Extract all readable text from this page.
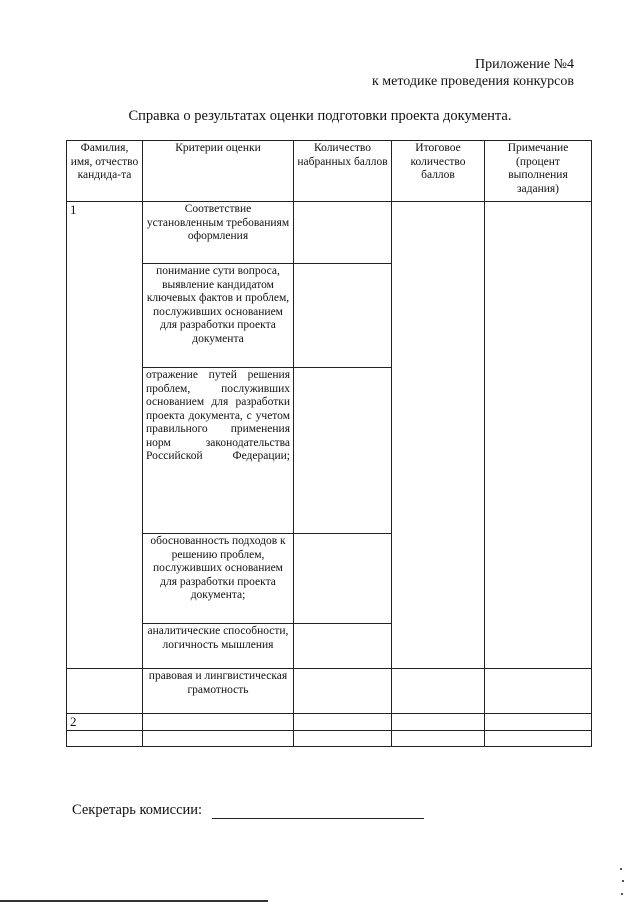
Приложение №4
к методике проведения конкурсов
Справка о результатах оценки подготовки проекта документа.
Фамилия, имя, отчество кандида-та	Критерии оценки	Количество набранных баллов	Итоговое количество баллов	Примечание (процент выполнения задания)
1	Соответствие установленным требованиям оформления			
	понимание сути вопроса, выявление кандидатом ключевых фактов и проблем, послуживших основанием для разработки проекта документа			
	отражение путей решения проблем, послуживших основанием для разработки проекта документа, с учетом правильного применения норм законодательства Российской Федерации;			
	обоснованность подходов к решению проблем, послуживших основанием для разработки проекта документа;			
	аналитические способности, логичность мышления			
	правовая и лингвистическая грамотность			
2				

Секретарь комиссии:
